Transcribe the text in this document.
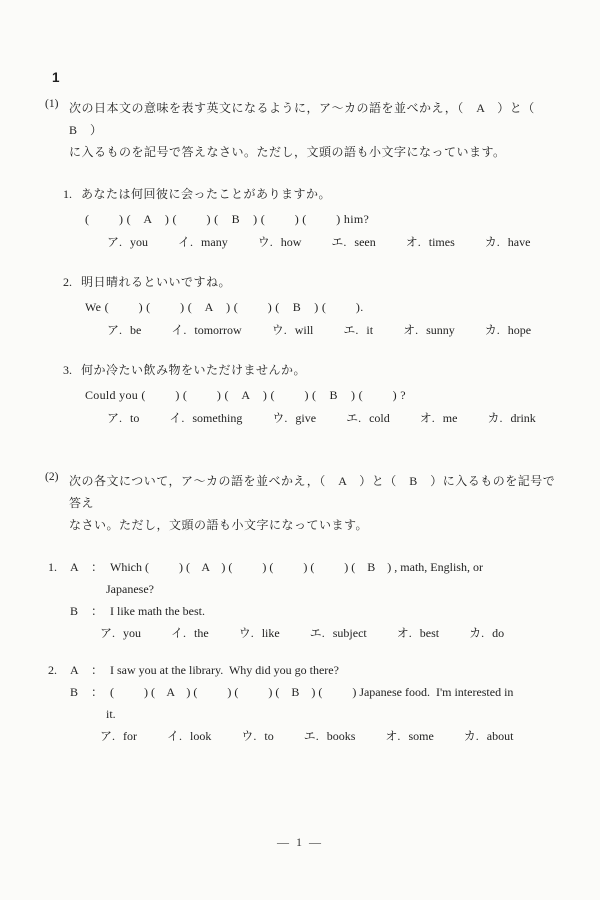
1
(1) 次の日本文の意味を表す英文になるように，ア～カの語を並べかえ，（　A　）と（　B　）
に入るものを記号で答えなさい。ただし，文頭の語も小文字になっています。
1. あなたは何回彼に会ったことがありますか。
(         ) (    A    ) (         ) (    B    ) (         ) (         ) him?
ア. you	イ. many	ウ. how	エ. seen	オ. times	カ. have
2. 明日晴れるといいですね。
We (         ) (         ) (    A    ) (         ) (    B    ) (         ).
ア. be	イ. tomorrow	ウ. will	エ. it	オ. sunny	カ. hope
3. 何か冷たい飲み物をいただけませんか。
Could you (         ) (         ) (    A    ) (         ) (    B    ) (         ) ?
ア. to	イ. something	ウ. give	エ. cold	オ. me	カ. drink
(2) 次の各文について，ア～カの語を並べかえ，（　A　）と（　B　）に入るものを記号で答え
なさい。ただし，文頭の語も小文字になっています。
1.	A	： Which (          ) (    A    ) (          ) (          ) (          ) (    B    ) , math, English, or
Japanese?
B	： I like math the best.
ア. you	イ. the	ウ. like	エ. subject	オ. best	カ. do
2.	A	： I saw you at the library.  Why did you go there?
B	： (          ) (    A    ) (          ) (          ) (    B    ) (          ) Japanese food.  I'm interested in
it.
ア. for	イ. look	ウ. to	エ. books	オ. some	カ. about
— 1 —
